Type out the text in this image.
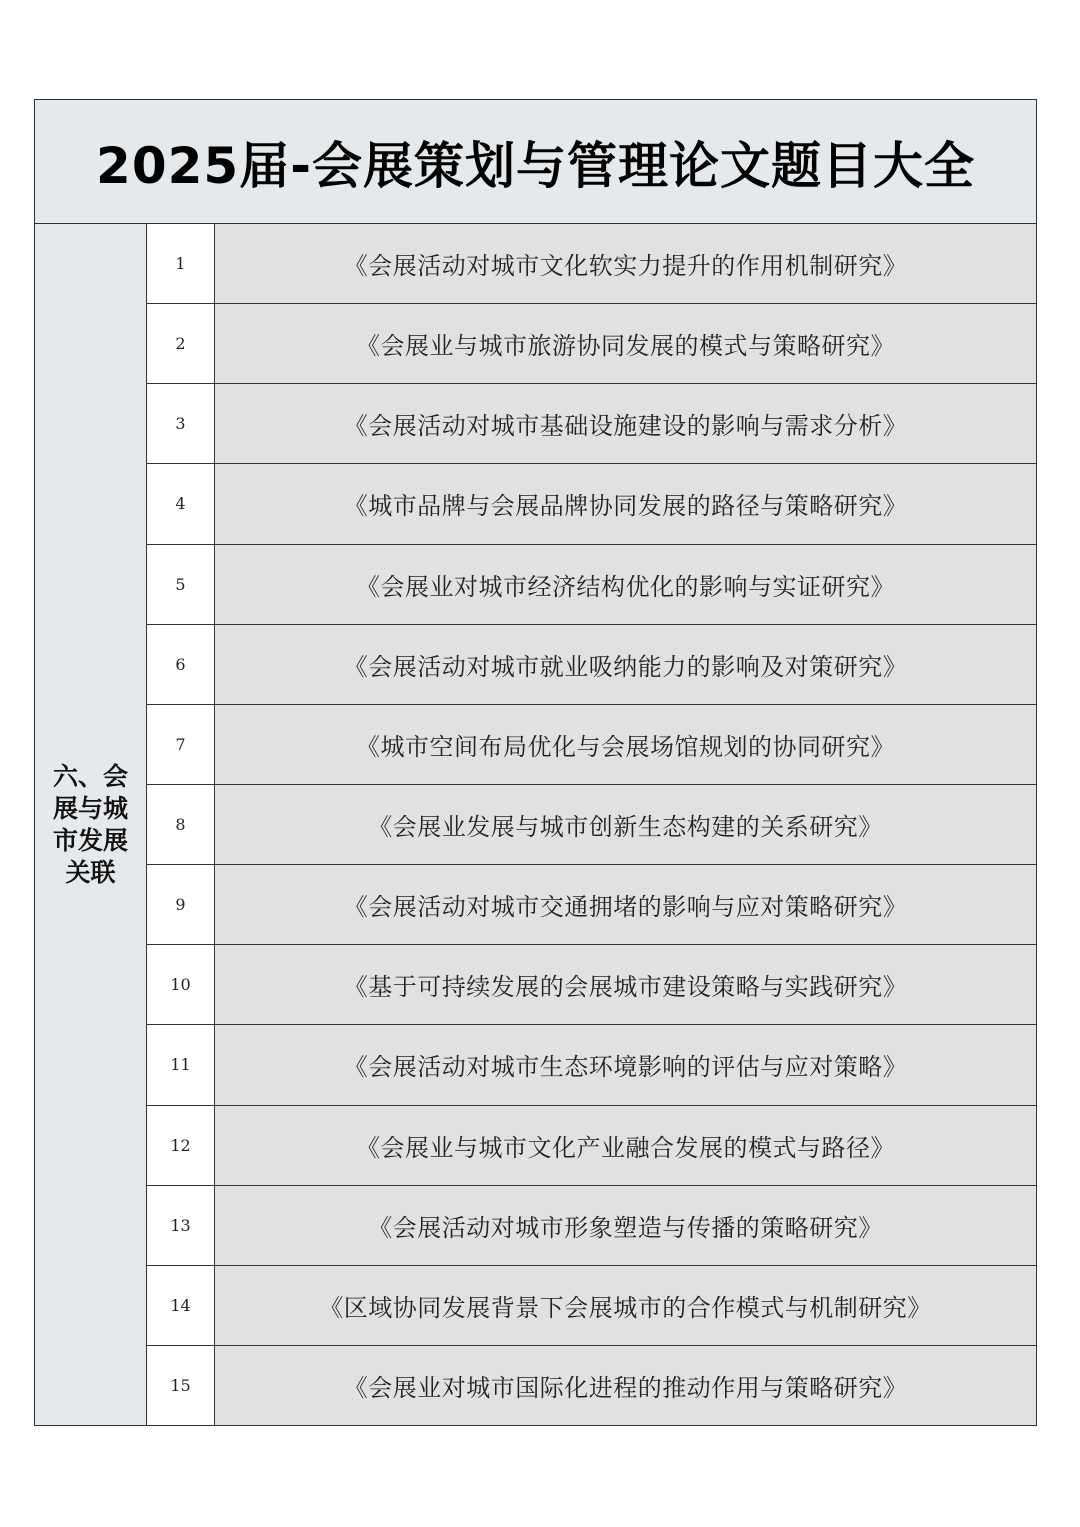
2025届-会展策划与管理论文题目大全
六、会展与城市发展关联
1	《会展活动对城市文化软实力提升的作用机制研究》
2	《会展业与城市旅游协同发展的模式与策略研究》
3	《会展活动对城市基础设施建设的影响与需求分析》
4	《城市品牌与会展品牌协同发展的路径与策略研究》
5	《会展业对城市经济结构优化的影响与实证研究》
6	《会展活动对城市就业吸纳能力的影响及对策研究》
7	《城市空间布局优化与会展场馆规划的协同研究》
8	《会展业发展与城市创新生态构建的关系研究》
9	《会展活动对城市交通拥堵的影响与应对策略研究》
10	《基于可持续发展的会展城市建设策略与实践研究》
11	《会展活动对城市生态环境影响的评估与应对策略》
12	《会展业与城市文化产业融合发展的模式与路径》
13	《会展活动对城市形象塑造与传播的策略研究》
14	《区域协同发展背景下会展城市的合作模式与机制研究》
15	《会展业对城市国际化进程的推动作用与策略研究》
